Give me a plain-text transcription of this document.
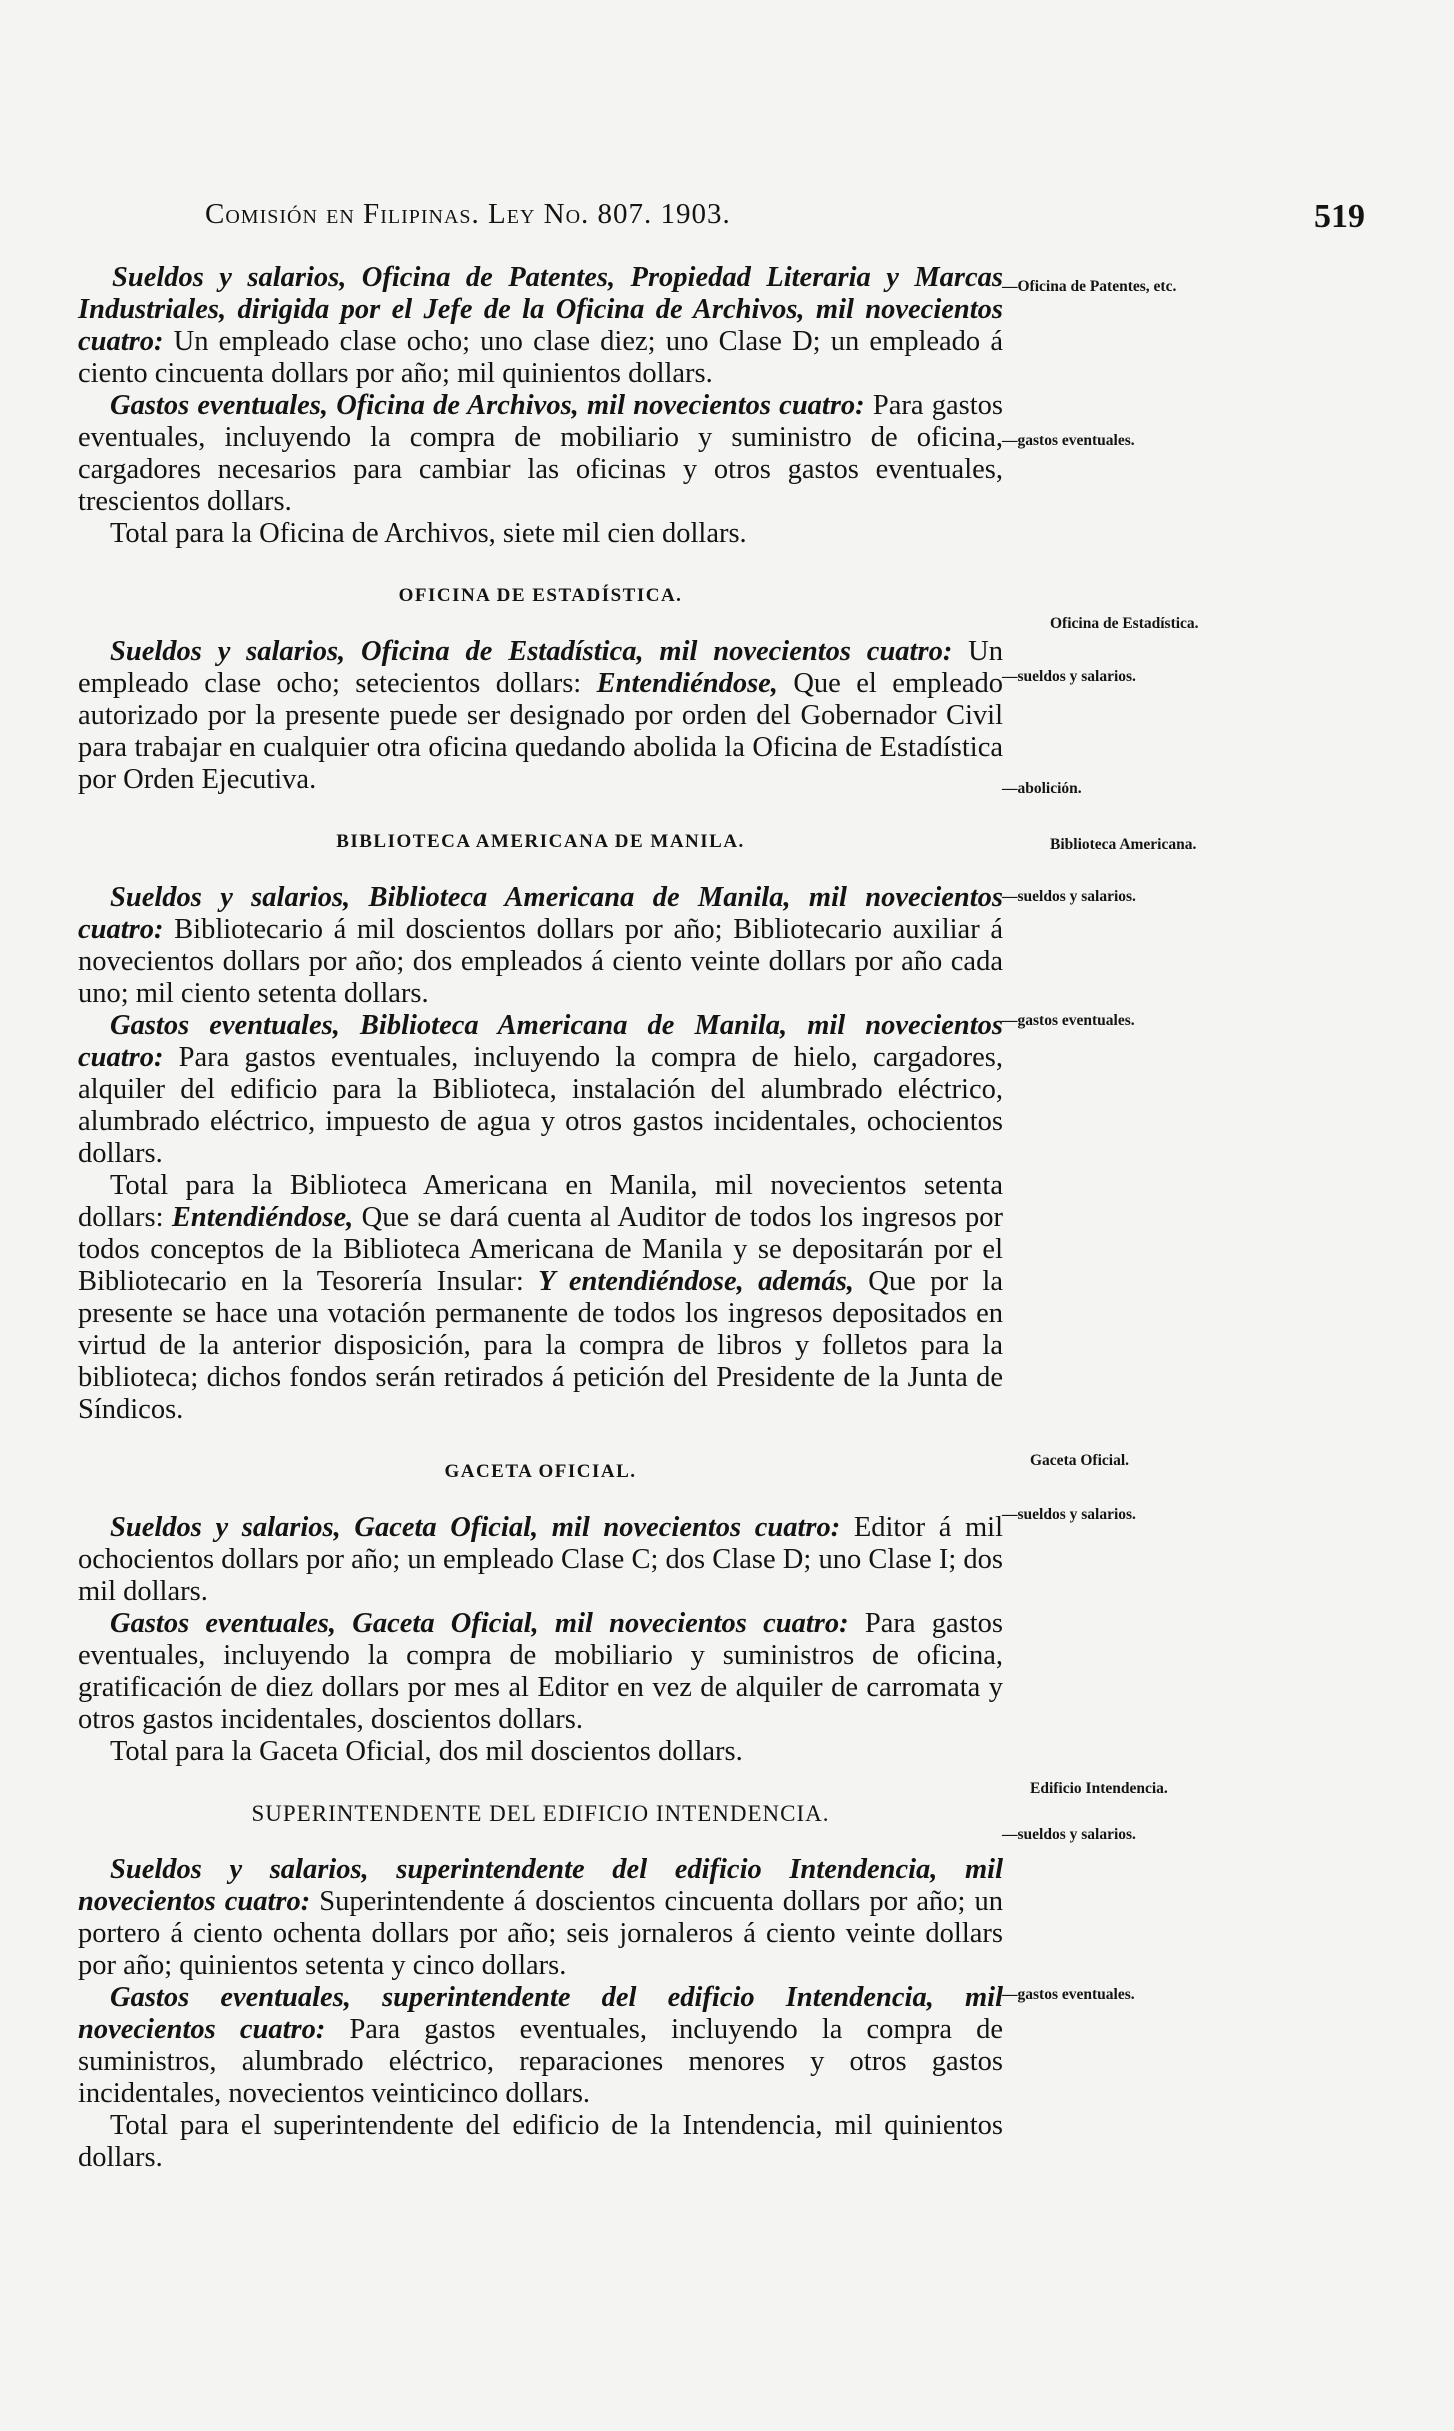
Comisión en Filipinas. Ley No. 807. 1903.	519

Sueldos y salarios, Oficina de Patentes, Propiedad Literaria y Marcas Industriales, dirigida por el Jefe de la Oficina de Archivos, mil novecientos cuatro: Un empleado clase ocho; uno clase diez; uno Clase D; un empleado á ciento cincuenta dollars por año; mil quinientos dollars.

Gastos eventuales, Oficina de Archivos, mil novecientos cuatro: Para gastos eventuales, incluyendo la compra de mobiliario y suministro de oficina, cargadores necesarios para cambiar las oficinas y otros gastos eventuales, trescientos dollars.

Total para la Oficina de Archivos, siete mil cien dollars.

OFICINA DE ESTADÍSTICA.

Sueldos y salarios, Oficina de Estadística, mil novecientos cuatro: Un empleado clase ocho; setecientos dollars: Entendiéndose, Que el empleado autorizado por la presente puede ser designado por orden del Gobernador Civil para trabajar en cualquier otra oficina quedando abolida la Oficina de Estadística por Orden Ejecutiva.

BIBLIOTECA AMERICANA DE MANILA.

Sueldos y salarios, Biblioteca Americana de Manila, mil novecientos cuatro: Bibliotecario á mil doscientos dollars por año; Bibliotecario auxiliar á novecientos dollars por año; dos empleados á ciento veinte dollars por año cada uno; mil ciento setenta dollars.

Gastos eventuales, Biblioteca Americana de Manila, mil novecientos cuatro: Para gastos eventuales, incluyendo la compra de hielo, cargadores, alquiler del edificio para la Biblioteca, instalación del alumbrado eléctrico, alumbrado eléctrico, impuesto de agua y otros gastos incidentales, ochocientos dollars.

Total para la Biblioteca Americana en Manila, mil novecientos setenta dollars: Entendiéndose, Que se dará cuenta al Auditor de todos los ingresos por todos conceptos de la Biblioteca Americana de Manila y se depositarán por el Bibliotecario en la Tesorería Insular: Y entendiéndose, además, Que por la presente se hace una votación permanente de todos los ingresos depositados en virtud de la anterior disposición, para la compra de libros y folletos para la biblioteca; dichos fondos serán retirados á petición del Presidente de la Junta de Síndicos.

GACETA OFICIAL.

Sueldos y salarios, Gaceta Oficial, mil novecientos cuatro: Editor á mil ochocientos dollars por año; un empleado Clase C; dos Clase D; uno Clase I; dos mil dollars.

Gastos eventuales, Gaceta Oficial, mil novecientos cuatro: Para gastos eventuales, incluyendo la compra de mobiliario y suministros de oficina, gratificación de diez dollars por mes al Editor en vez de alquiler de carromata y otros gastos incidentales, doscientos dollars.

Total para la Gaceta Oficial, dos mil doscientos dollars.

SUPERINTENDENTE DEL EDIFICIO INTENDENCIA.

Sueldos y salarios, superintendente del edificio Intendencia, mil novecientos cuatro: Superintendente á doscientos cincuenta dollars por año; un portero á ciento ochenta dollars por año; seis jornaleros á ciento veinte dollars por año; quinientos setenta y cinco dollars.

Gastos eventuales, superintendente del edificio Intendencia, mil novecientos cuatro: Para gastos eventuales, incluyendo la compra de suministros, alumbrado eléctrico, reparaciones menores y otros gastos incidentales, novecientos veinticinco dollars.

Total para el superintendente del edificio de la Intendencia, mil quinientos dollars.

—Oficina de Patentes, etc.
—gastos eventuales.
Oficina de Estadística.
—sueldos y salarios.
—abolición.
Biblioteca Americana.
—sueldos y salarios.
—gastos eventuales.
Gaceta Oficial.
—sueldos y salarios.
Edificio Intendencia.
—sueldos y salarios.
—gastos eventuales.
